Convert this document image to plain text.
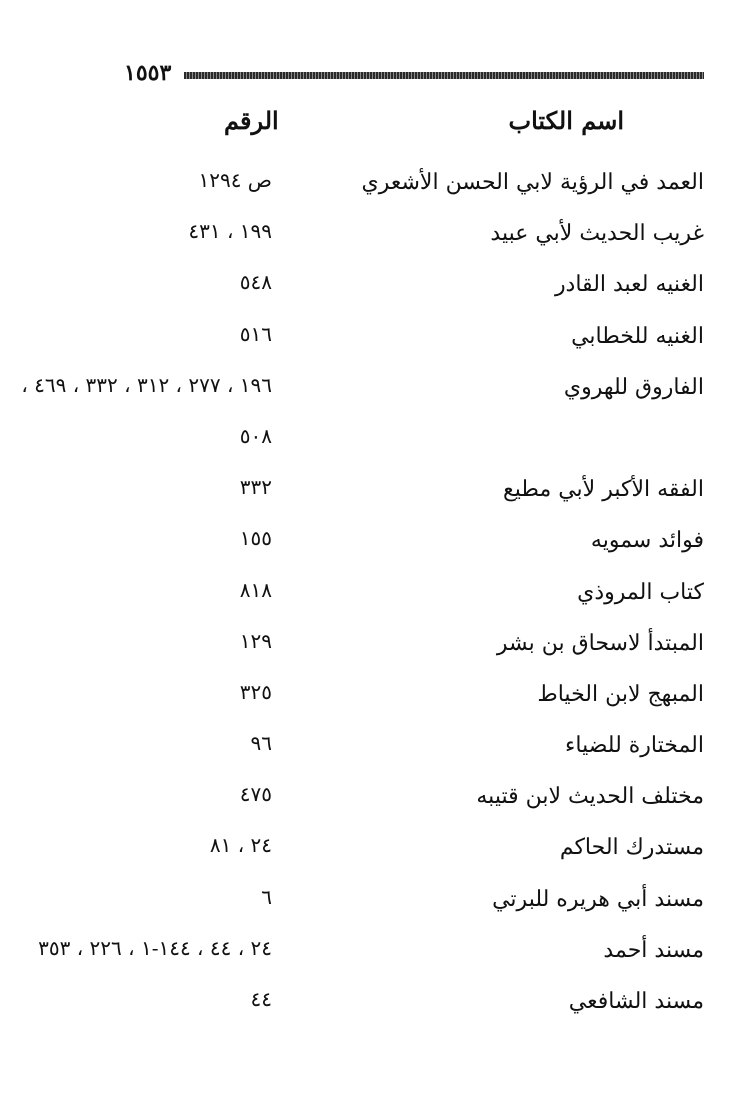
١٥٥٣
اسم الكتاب
الرقم
العمد في الرؤية لابي الحسن الأشعري
ص ١٢٩٤
غريب الحديث لأبي عبيد
١٩٩ ، ٤٣١
الغنيه لعبد القادر
٥٤٨
الغنيه للخطابي
٥١٦
الفاروق للهروي
١٩٦ ، ٢٧٧ ، ٣١٢ ، ٣٣٢ ، ٤٦٩ ،
٥٠٨
الفقه الأكبر لأبي مطيع
٣٣٢
فوائد سمويه
١٥٥
كتاب المروذي
٨١٨
المبتدأ لاسحاق بن بشر
١٢٩
المبهج لابن الخياط
٣٢٥
المختارة للضياء
٩٦
مختلف الحديث لابن قتيبه
٤٧٥
مستدرك الحاكم
٢٤ ، ٨١
مسند أبي هريره للبرتي
٦
مسند أحمد
٢٤ ، ٤٤ ، ١٤٤-١ ، ٢٢٦ ، ٣٥٣
مسند الشافعي
٤٤
